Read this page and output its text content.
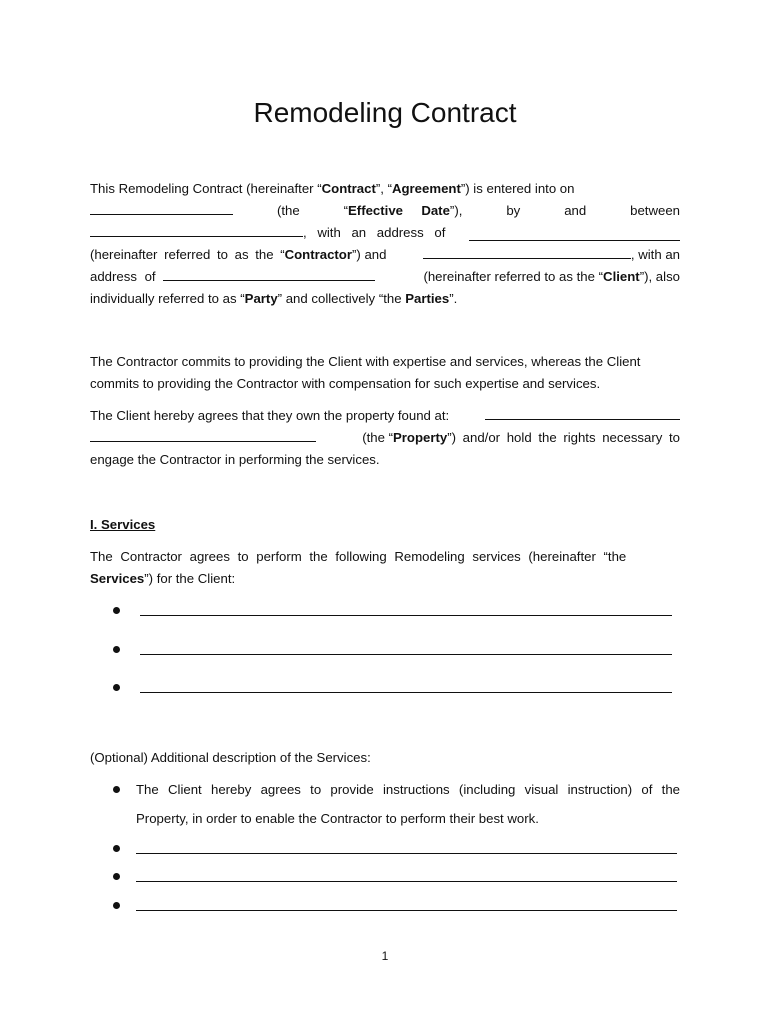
Remodeling Contract
This Remodeling Contract (hereinafter “Contract”, “Agreement”) is entered into on
(the	“Effective Date”),	by	and	between
, with an address of
(hereinafter referred to as the “Contractor”) and	, with an
address of	(hereinafter referred to as the “Client”), also
individually referred to as “Party” and collectively “the Parties”.
The Contractor commits to providing the Client with expertise and services, whereas the Client
commits to providing the Contractor with compensation for such expertise and services.
The Client hereby agrees that they own the property found at:
(the “Property”) and/or hold the rights necessary to
engage the Contractor in performing the services.
I. Services
The Contractor agrees to perform the following Remodeling services (hereinafter “the
Services”) for the Client:
(Optional) Additional description of the Services:
The Client hereby agrees to provide instructions (including visual instruction) of the
Property, in order to enable the Contractor to perform their best work.
1
